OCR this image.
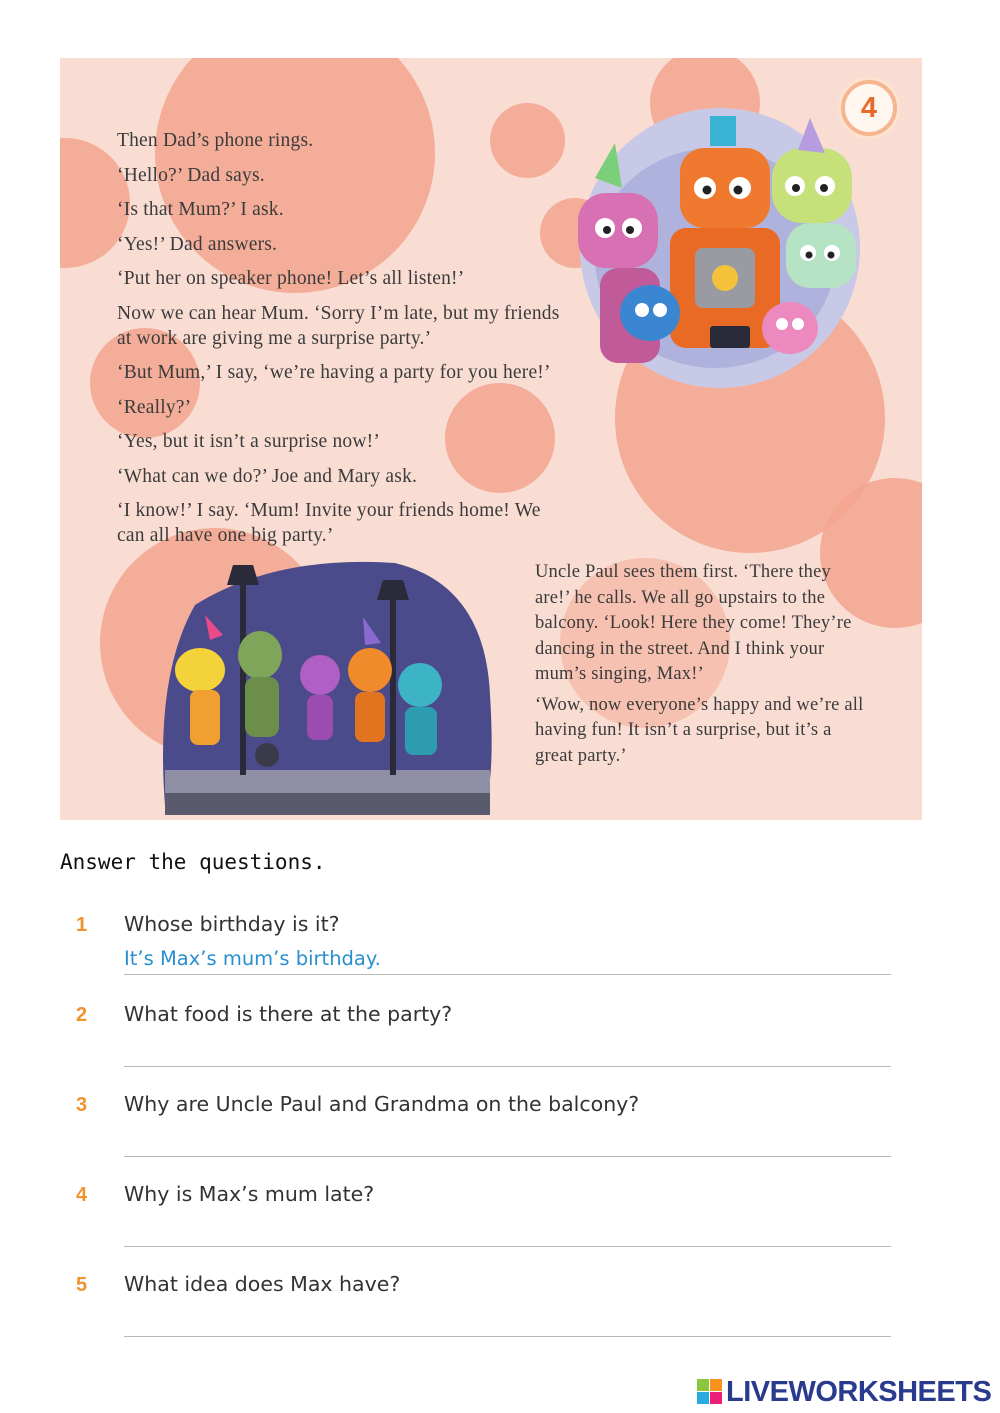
4

Then Dad’s phone rings.

‘Hello?’ Dad says.

‘Is that Mum?’ I ask.

‘Yes!’ Dad answers.

‘Put her on speaker phone! Let’s all listen!’

Now we can hear Mum. ‘Sorry I’m late, but my friends at work are giving me a surprise party.’

‘But Mum,’ I say, ‘we’re having a party for you here!’

‘Really?’

‘Yes, but it isn’t a surprise now!’

‘What can we do?’ Joe and Mary ask.

‘I know!’ I say. ‘Mum! Invite your friends home! We can all have one big party.’

Uncle Paul sees them first. ‘There they are!’ he calls. We all go upstairs to the balcony. ‘Look! Here they come! They’re dancing in the street. And I think your mum’s singing, Max!’

‘Wow, now everyone’s happy and we’re all having fun! It isn’t a surprise, but it’s a great party.’

Answer the questions.
1 Whose birthday is it?
It’s Max’s mum’s birthday.
2 What food is there at the party?
3 Why are Uncle Paul and Grandma on the balcony?
4 Why is Max’s mum late?
5 What idea does Max have?
LIVEWORKSHEETS
